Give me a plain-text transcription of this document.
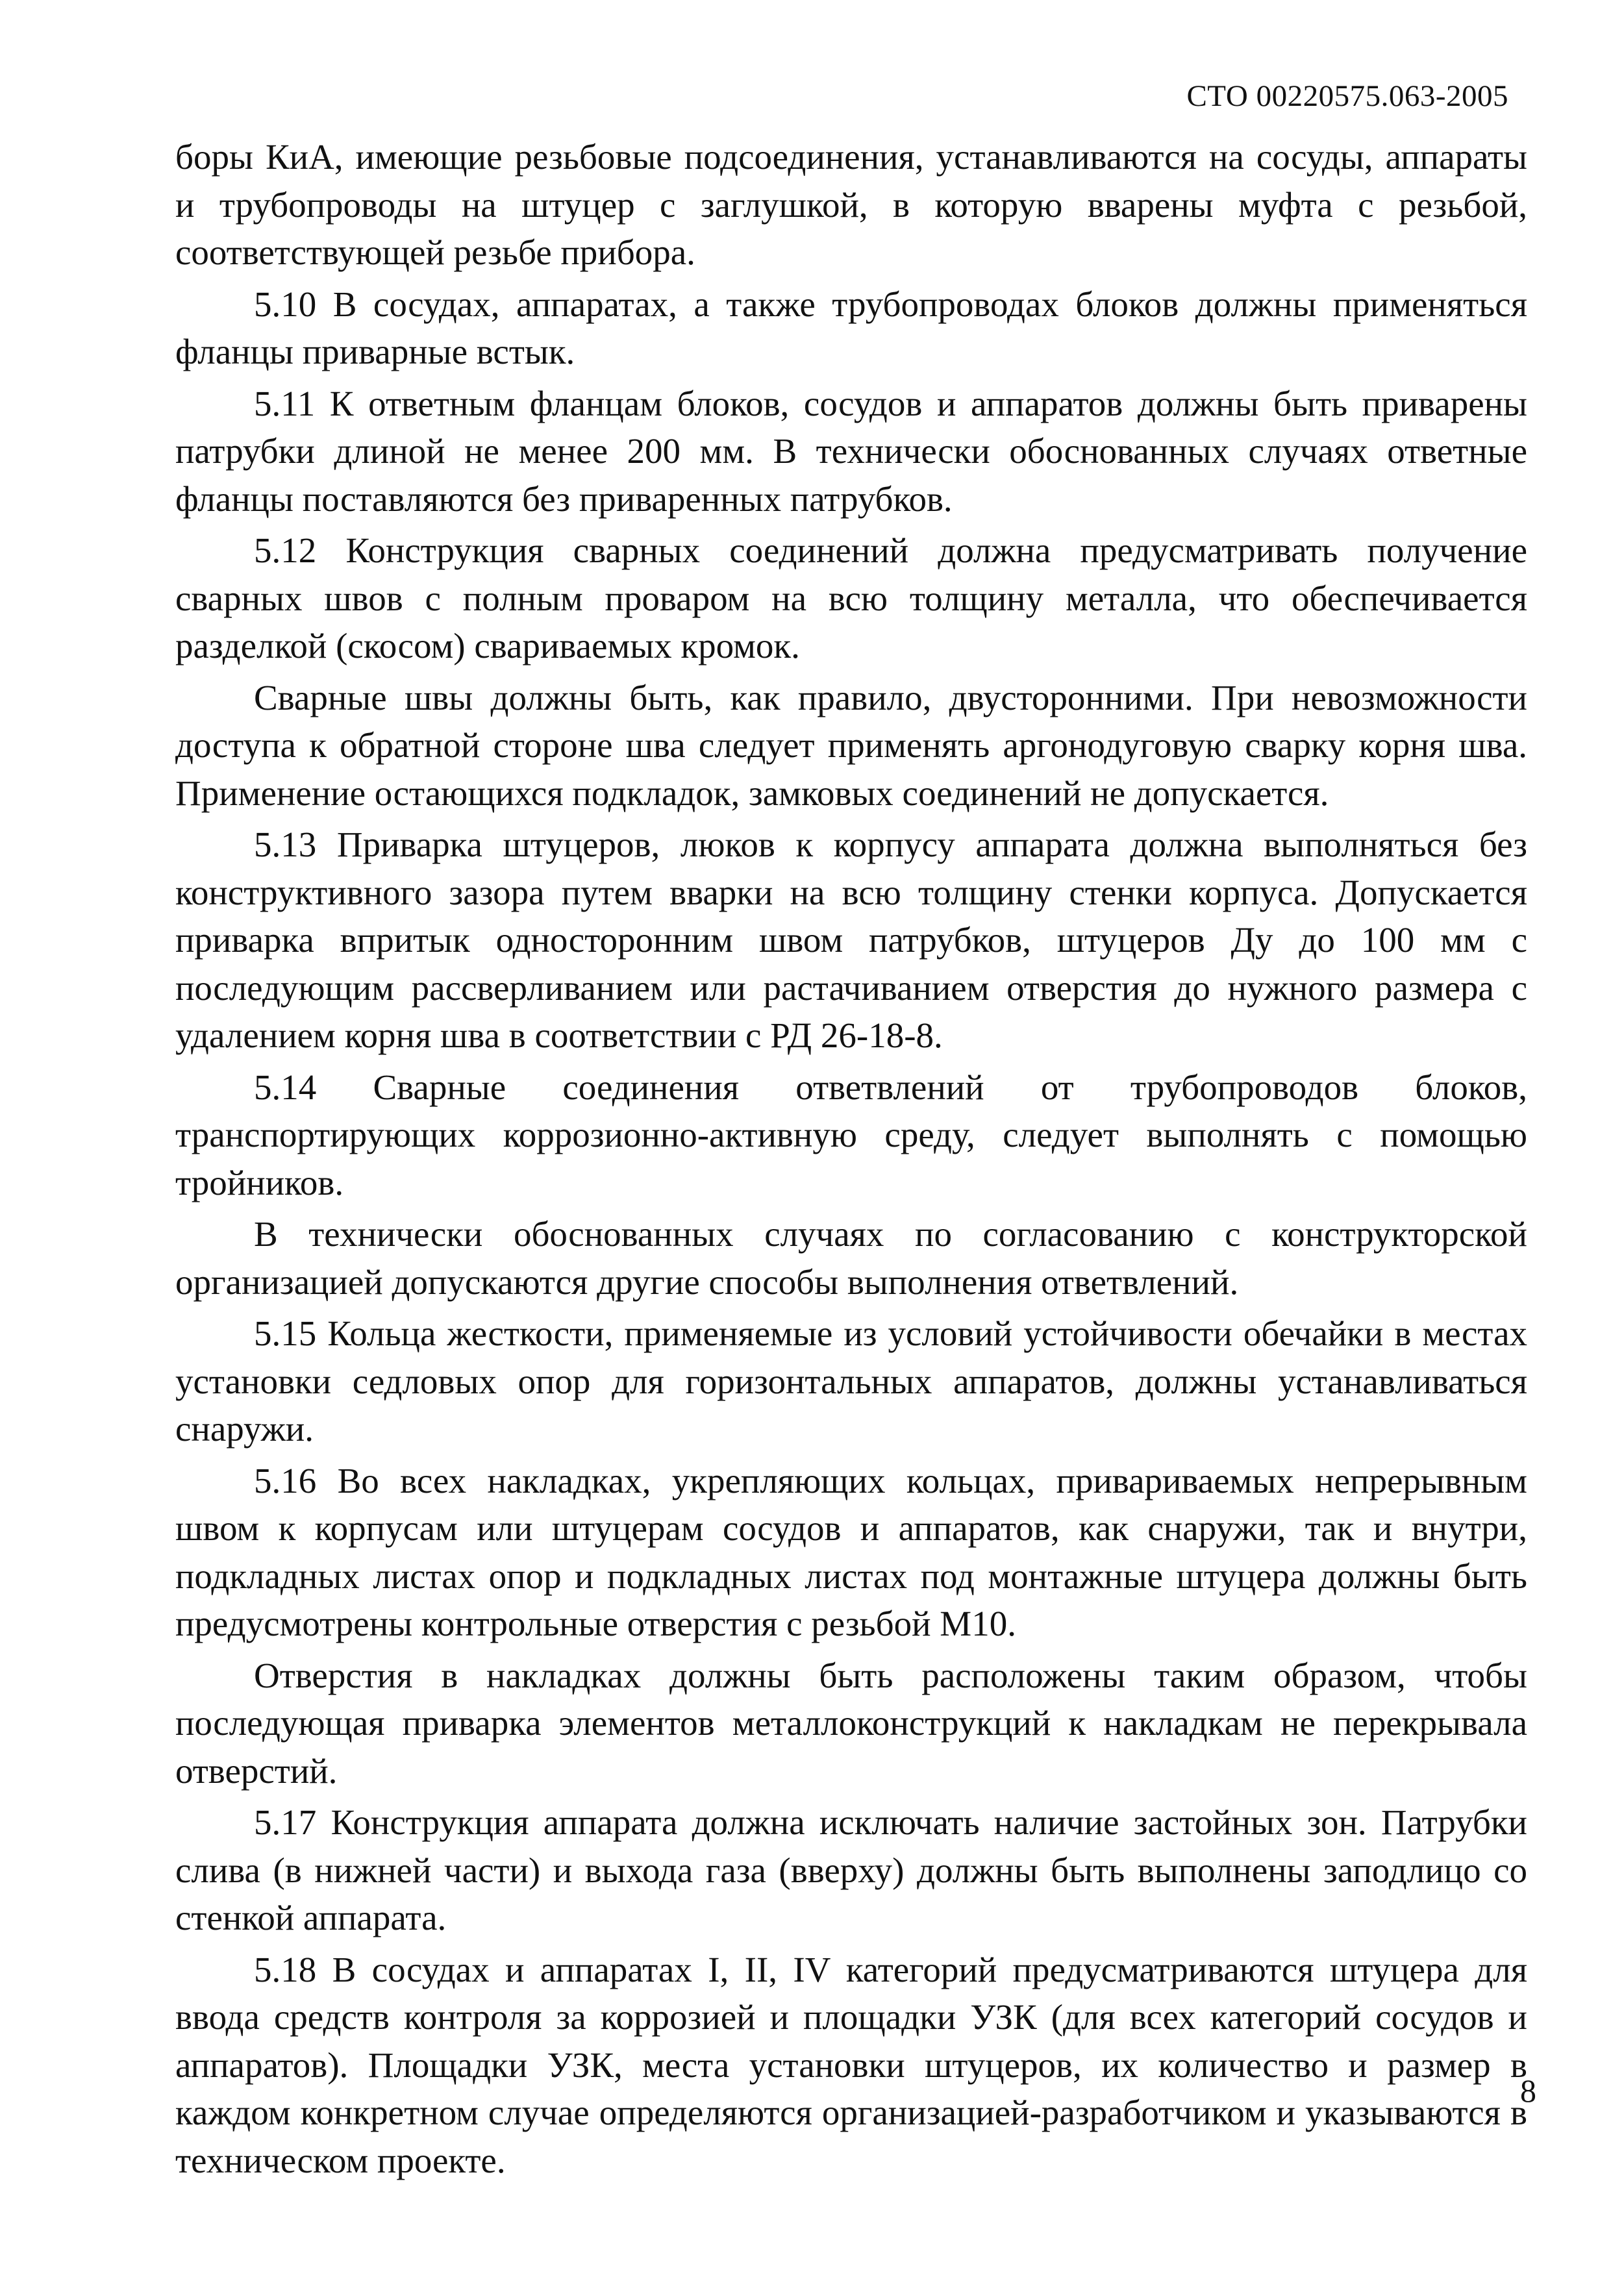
СТО 00220575.063-2005

боры КиА, имеющие резьбовые подсоединения, устанавливаются на сосуды, аппараты и трубопроводы на штуцер с заглушкой, в которую вварены муфта с резьбой, соответствующей резьбе прибора.

5.10 В сосудах, аппаратах, а также трубопроводах блоков должны применяться фланцы приварные встык.

5.11 К ответным фланцам блоков, сосудов и аппаратов должны быть приварены патрубки длиной не менее 200 мм. В технически обоснованных случаях ответные фланцы поставляются без приваренных патрубков.

5.12 Конструкция сварных соединений должна предусматривать получение сварных швов с полным проваром на всю толщину металла, что обеспечивается разделкой (скосом) свариваемых кромок.

Сварные швы должны быть, как правило, двусторонними. При невозможности доступа к обратной стороне шва следует применять аргонодуговую сварку корня шва. Применение остающихся подкладок, замковых соединений не допускается.

5.13 Приварка штуцеров, люков к корпусу аппарата должна выполняться без конструктивного зазора путем вварки на всю толщину стенки корпуса. Допускается приварка впритык односторонним швом патрубков, штуцеров Ду до 100 мм с последующим рассверливанием или растачиванием отверстия до нужного размера с удалением корня шва в соответствии с РД 26-18-8.

5.14 Сварные соединения ответвлений от трубопроводов блоков, транспортирующих коррозионно-активную среду, следует выполнять с помощью тройников.

В технически обоснованных случаях по согласованию с конструкторской организацией допускаются другие способы выполнения ответвлений.

5.15 Кольца жесткости, применяемые из условий устойчивости обечайки в местах установки седловых опор для горизонтальных аппаратов, должны устанавливаться снаружи.

5.16 Во всех накладках, укрепляющих кольцах, привариваемых непрерывным швом к корпусам или штуцерам сосудов и аппаратов, как снаружи, так и внутри, подкладных листах опор и подкладных листах под монтажные штуцера должны быть предусмотрены контрольные отверстия с резьбой М10.

Отверстия в накладках должны быть расположены таким образом, чтобы последующая приварка элементов металлоконструкций к накладкам не перекрывала отверстий.

5.17 Конструкция аппарата должна исключать наличие застойных зон. Патрубки слива (в нижней части) и выхода газа (вверху) должны быть выполнены заподлицо со стенкой аппарата.

5.18 В сосудах и аппаратах I, II, IV категорий предусматриваются штуцера для ввода средств контроля за коррозией и площадки УЗК (для всех категорий сосудов и аппаратов). Площадки УЗК, места установки штуцеров, их количество и размер в каждом конкретном случае определяются организацией-разработчиком и указываются в техническом проекте.

8
